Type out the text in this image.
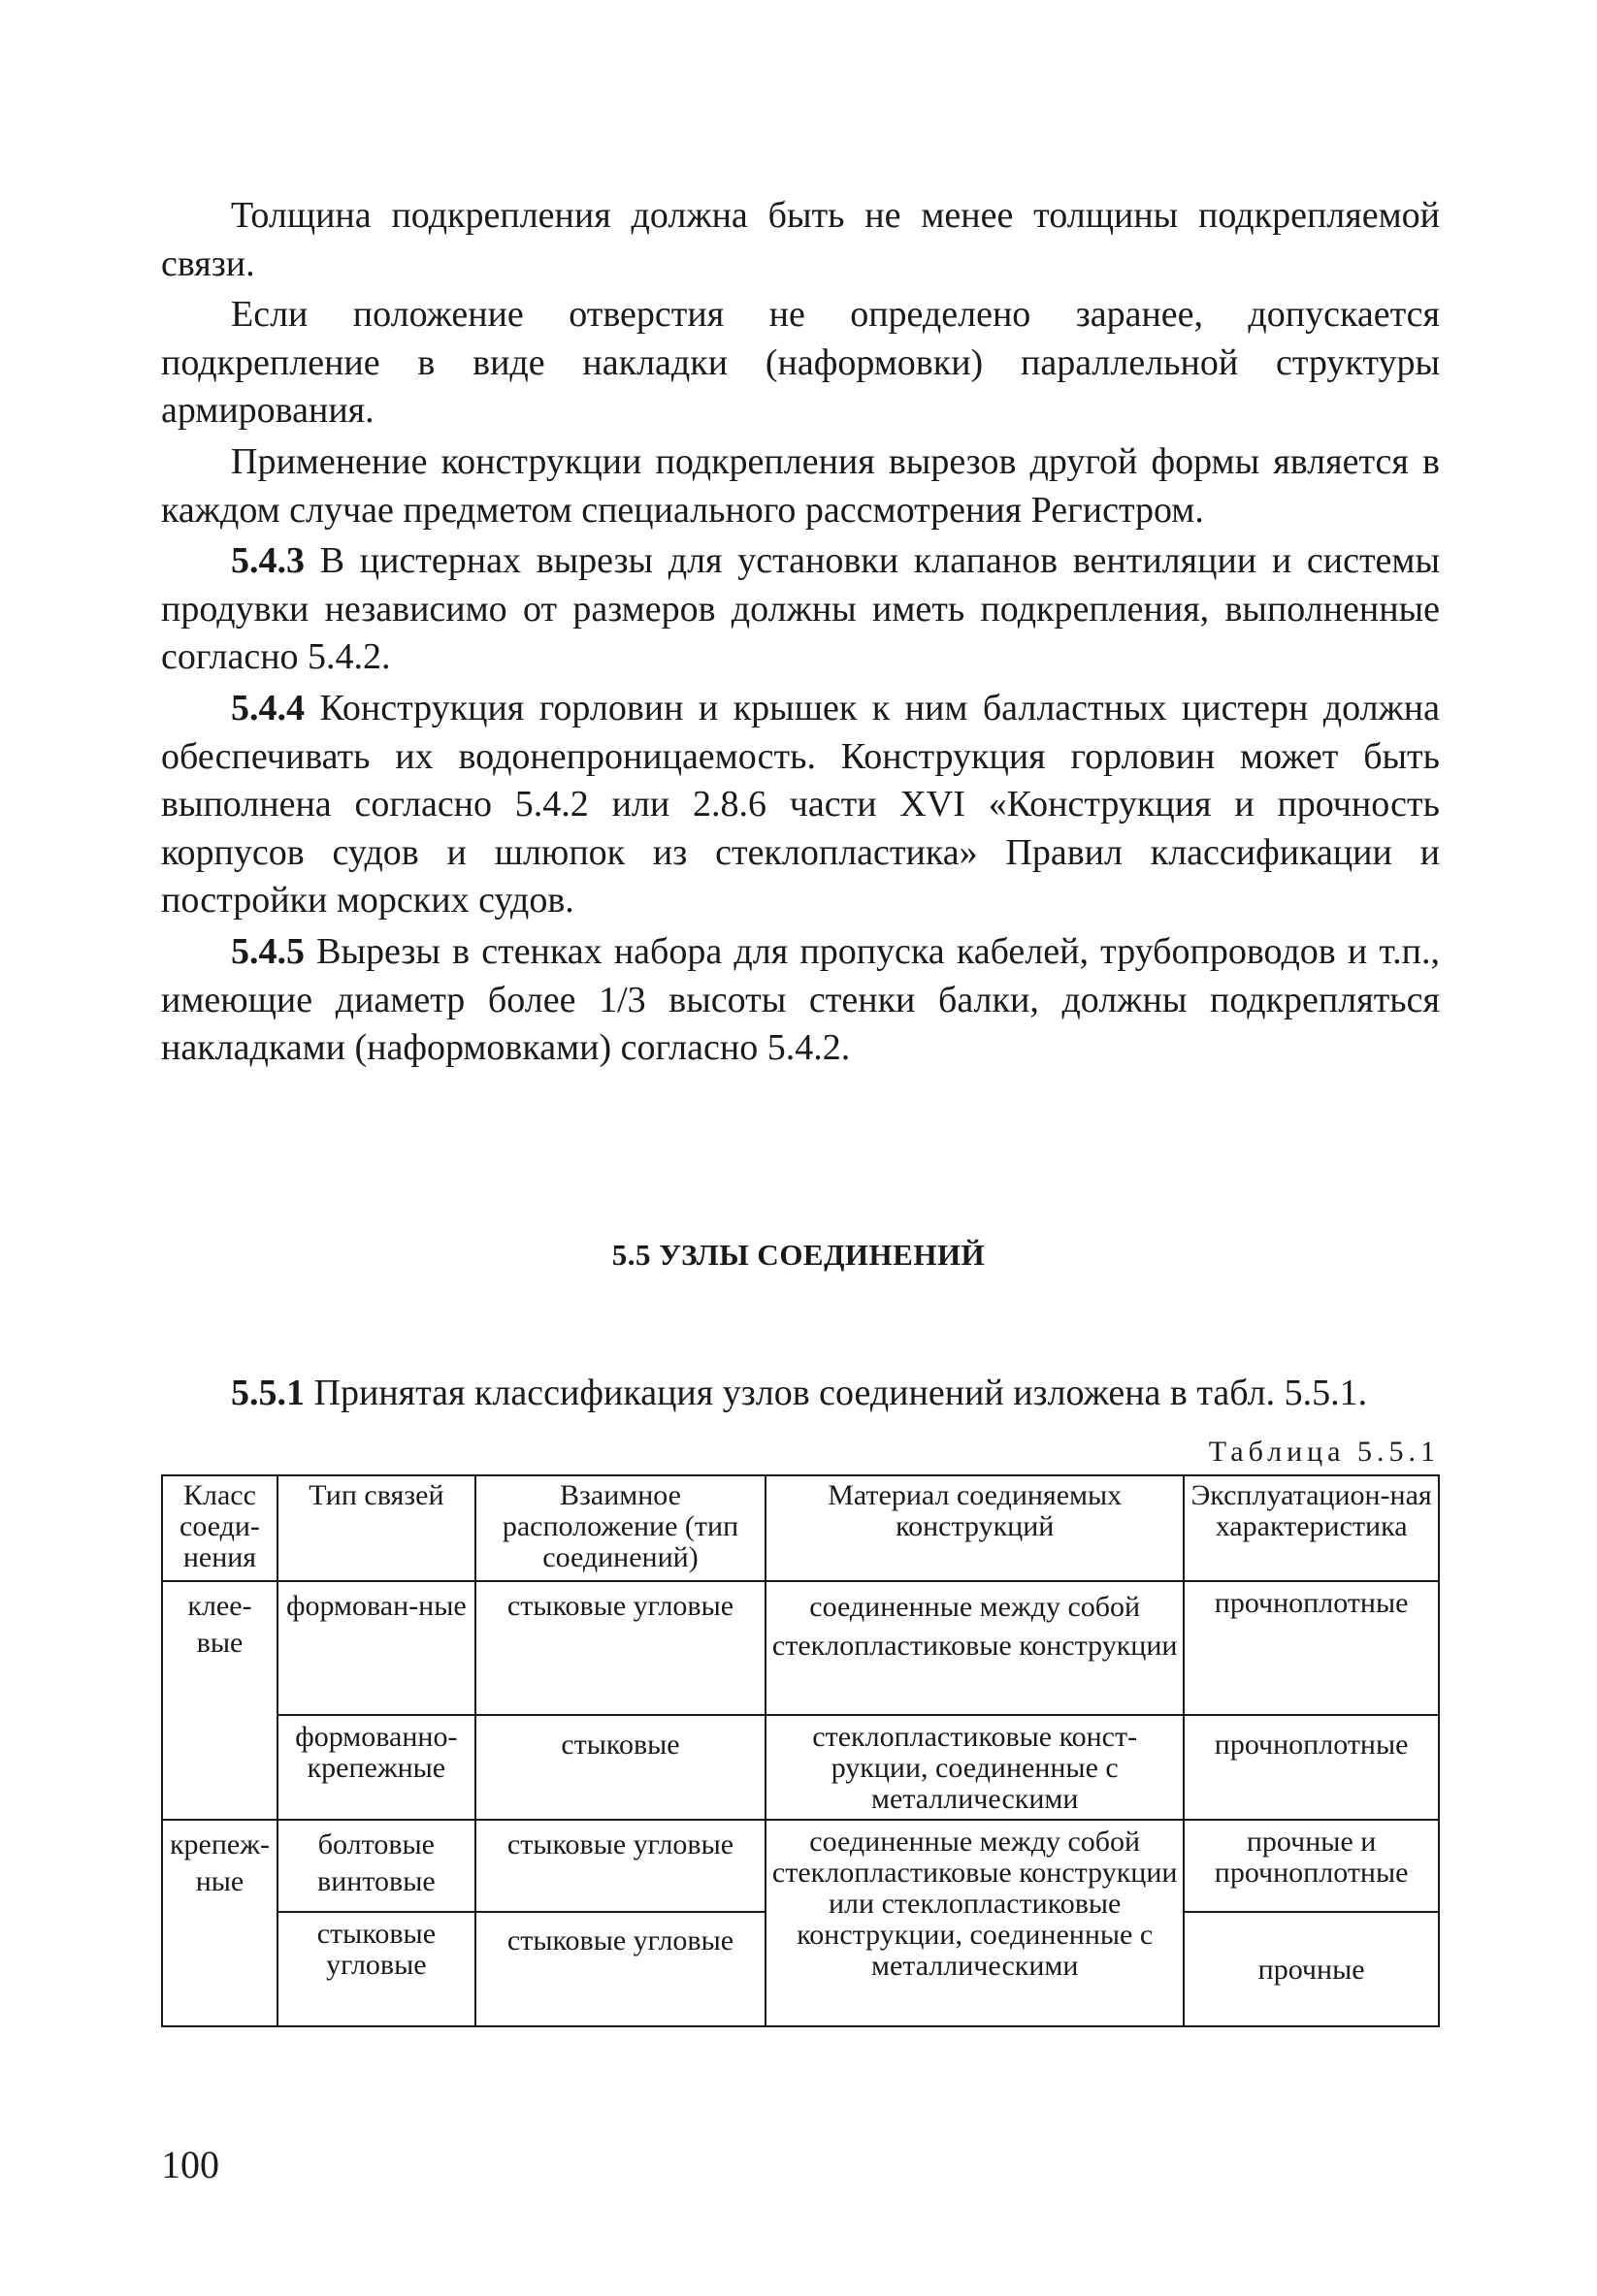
Толщина подкрепления должна быть не менее толщины подкрепляемой связи.

Если положение отверстия не определено заранее, допускается подкрепление в виде накладки (наформовки) параллельной структуры армирования.

Применение конструкции подкрепления вырезов другой формы является в каждом случае предметом специального рассмотрения Регистром.

5.4.3 В цистернах вырезы для установки клапанов вентиляции и системы продувки независимо от размеров должны иметь подкрепления, выполненные согласно 5.4.2.

5.4.4 Конструкция горловин и крышек к ним балластных цистерн должна обеспечивать их водонепроницаемость. Конструкция горловин может быть выполнена согласно 5.4.2 или 2.8.6 части XVI «Конструкция и прочность корпусов судов и шлюпок из стеклопластика» Правил классификации и постройки морских судов.

5.4.5 Вырезы в стенках набора для пропуска кабелей, трубопроводов и т.п., имеющие диаметр более 1/3 высоты стенки балки, должны подкрепляться накладками (наформовками) согласно 5.4.2.

5.5 УЗЛЫ СОЕДИНЕНИЙ
5.5.1 Принятая классификация узлов соединений изложена в табл. 5.5.1.
Таблица 5.5.1
Класс соеди-нения	Тип связей	Взаимное расположение (тип соединений)	Материал соединяемых конструкций	Эксплуатацион-ная характеристика
клее-вые	формован-ные	стыковые угловые	соединенные между собой стеклопластиковые конструкции	прочноплотные
	формованно-крепежные	стыковые	стеклопластиковые конст-рукции, соединенные с металлическими	прочноплотные
крепеж-ные	болтовые винтовые	стыковые угловые	соединенные между собой стеклопластиковые конструкции или стеклопластиковые конструкции, соединенные с металлическими	прочные и прочноплотные
	стыковые угловые	стыковые угловые		прочные
100
